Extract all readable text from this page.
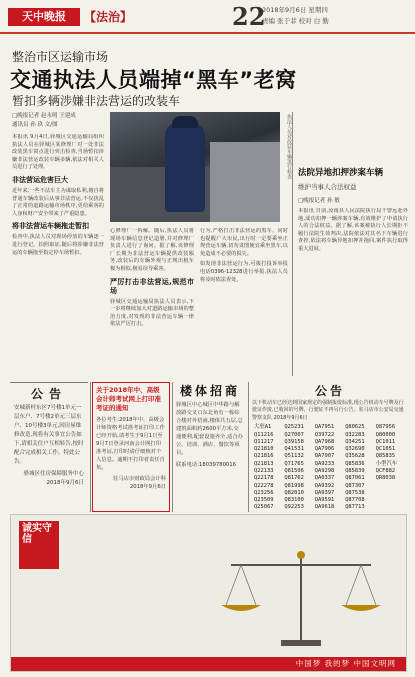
天中晚报	【法治】	22
2018年9月6日 星期四
责编 张于菲 校对 白 勤
整治市区运输市场
交通执法人员端掉“黑车”老窝
暂扣多辆涉嫌非法营运的改装车
□晚报记者 赵永明 王建成
通讯员 孙 玖 文/图

本报讯 9月4日,驿城区交通运输局组织执法人员在驿城区某修理厂对一处非法改装黑车窝点进行突击检查,当场暂扣涉嫌非法营运改装车辆多辆,依法对相关人员进行了处理。

非法营运危害巨大

近年来,一些不法车主为谋取私利,擅自将普通车辆改装后从事非法营运,不仅扰乱了正常的道路运输市场秩序,更给乘客的人身和财产安全带来了严重隐患。

将非法营运车辆拖走暂扣

检查中,执法人员对现场停放的车辆逐一进行登记、拍照取证,随后将涉嫌非法营运的车辆拖至指定停车场暂扣。

执法人员对改装车辆进行检查

心修理厂一拆解。随后,执法人员将现场车辆信息登记造册,并对修理厂负责人进行了询问。据了解,该修理厂长期为非法营运车辆提供改装服务,改装后的车辆外观与正规出租车极为相似,极易误导乘客。

严厉打击非法营运,规范市场

驿城区交通运输局执法人员表示,下一步将继续加大对道路运输市场的整治力度,对发现的非法营运车辆一律依法严厉打击。

行为,严格打击非法营运的黑车。同时也提醒广大市民,出行时一定要乘坐正规营运车辆,切勿贪图便宜乘坐黑车,以免造成不必要的损失。

如发现非法营运行为,可拨打投诉举报电话0396-12328进行举报,执法人员将及时依法查处。

法院异地扣押涉案车辆
维护当事人合法权益
□晚报记者 孙 敏
本报讯 日前,汝南县人民法院执行局干警远赴外地,成功扣押一辆涉案车辆,有效维护了申请执行人的合法权益。据了解,该案被执行人长期拒不履行法院生效判决,法院依法对其名下车辆进行查控,依法将车辆异地扣押并拖回,案件执行取得重大进展。
公告

安城新村东区7号楼1单元一层东户、7号楼2单元三层东户、10号楼3单元,因房屋维修改造,现将有关事宜公告如下,请相关住户互相转告,按时配合完成相关工作。特此公告。

驿城区住房保障服务中心

2018年9月6日

关于2018年中、高级会计师考试网上打印准考证的通知
各位考生:2018年中、高级会计师资格考试准考证打印工作已经开始,请考生于9月1日至9月7日登录河南会计网打印准考证,打印时请仔细核对个人信息。逾期不打印者责任自负。
驻马店市财政局会计科
2018年9月6日
楼体招商
驿城区中心城区中华路与解放路交叉口东北角有一栋综合楼对外招商,楼体共五层,总建筑面积约2600平方米,交通便利,配套设施齐全,适合办公、培训、酒店、餐饮等项目。
联系电话:18039780016
公告
以下机动车已经达到国家规定的强制报废标准,现公告机动车号牌及行驶证作废,已收回的号牌、行驶证不再另行公告。驻马店市公安局交通警察支队 2018年9月6日
大驻A1	Q25231	QA7951	Q80625	Q87956
Q11216	Q27007	Q39722	Q32283	Q80000
Q11217	Q39158	QA7968	Q34251	QC1011
Q21810	Q41531	QA7906	Q32690	QC1051
Q21816	Q51132	QA7907	Q35628	Q85835
Q21813	Q71765	QA9233	Q85836	小型汽车
Q22133	Q81506	QA9298	Q85839	QCF882
Q22178	Q81762	QA0337	Q87061	QR8038
Q22278	Q81998	QA9392	Q87307
Q23256	Q82010	QA9397	Q87538
Q23509	Q83100	QA9591	Q87708
Q25067	Q92253	QA9618	Q87713
诚实守信
中国梦 我的梦 中国文明网
